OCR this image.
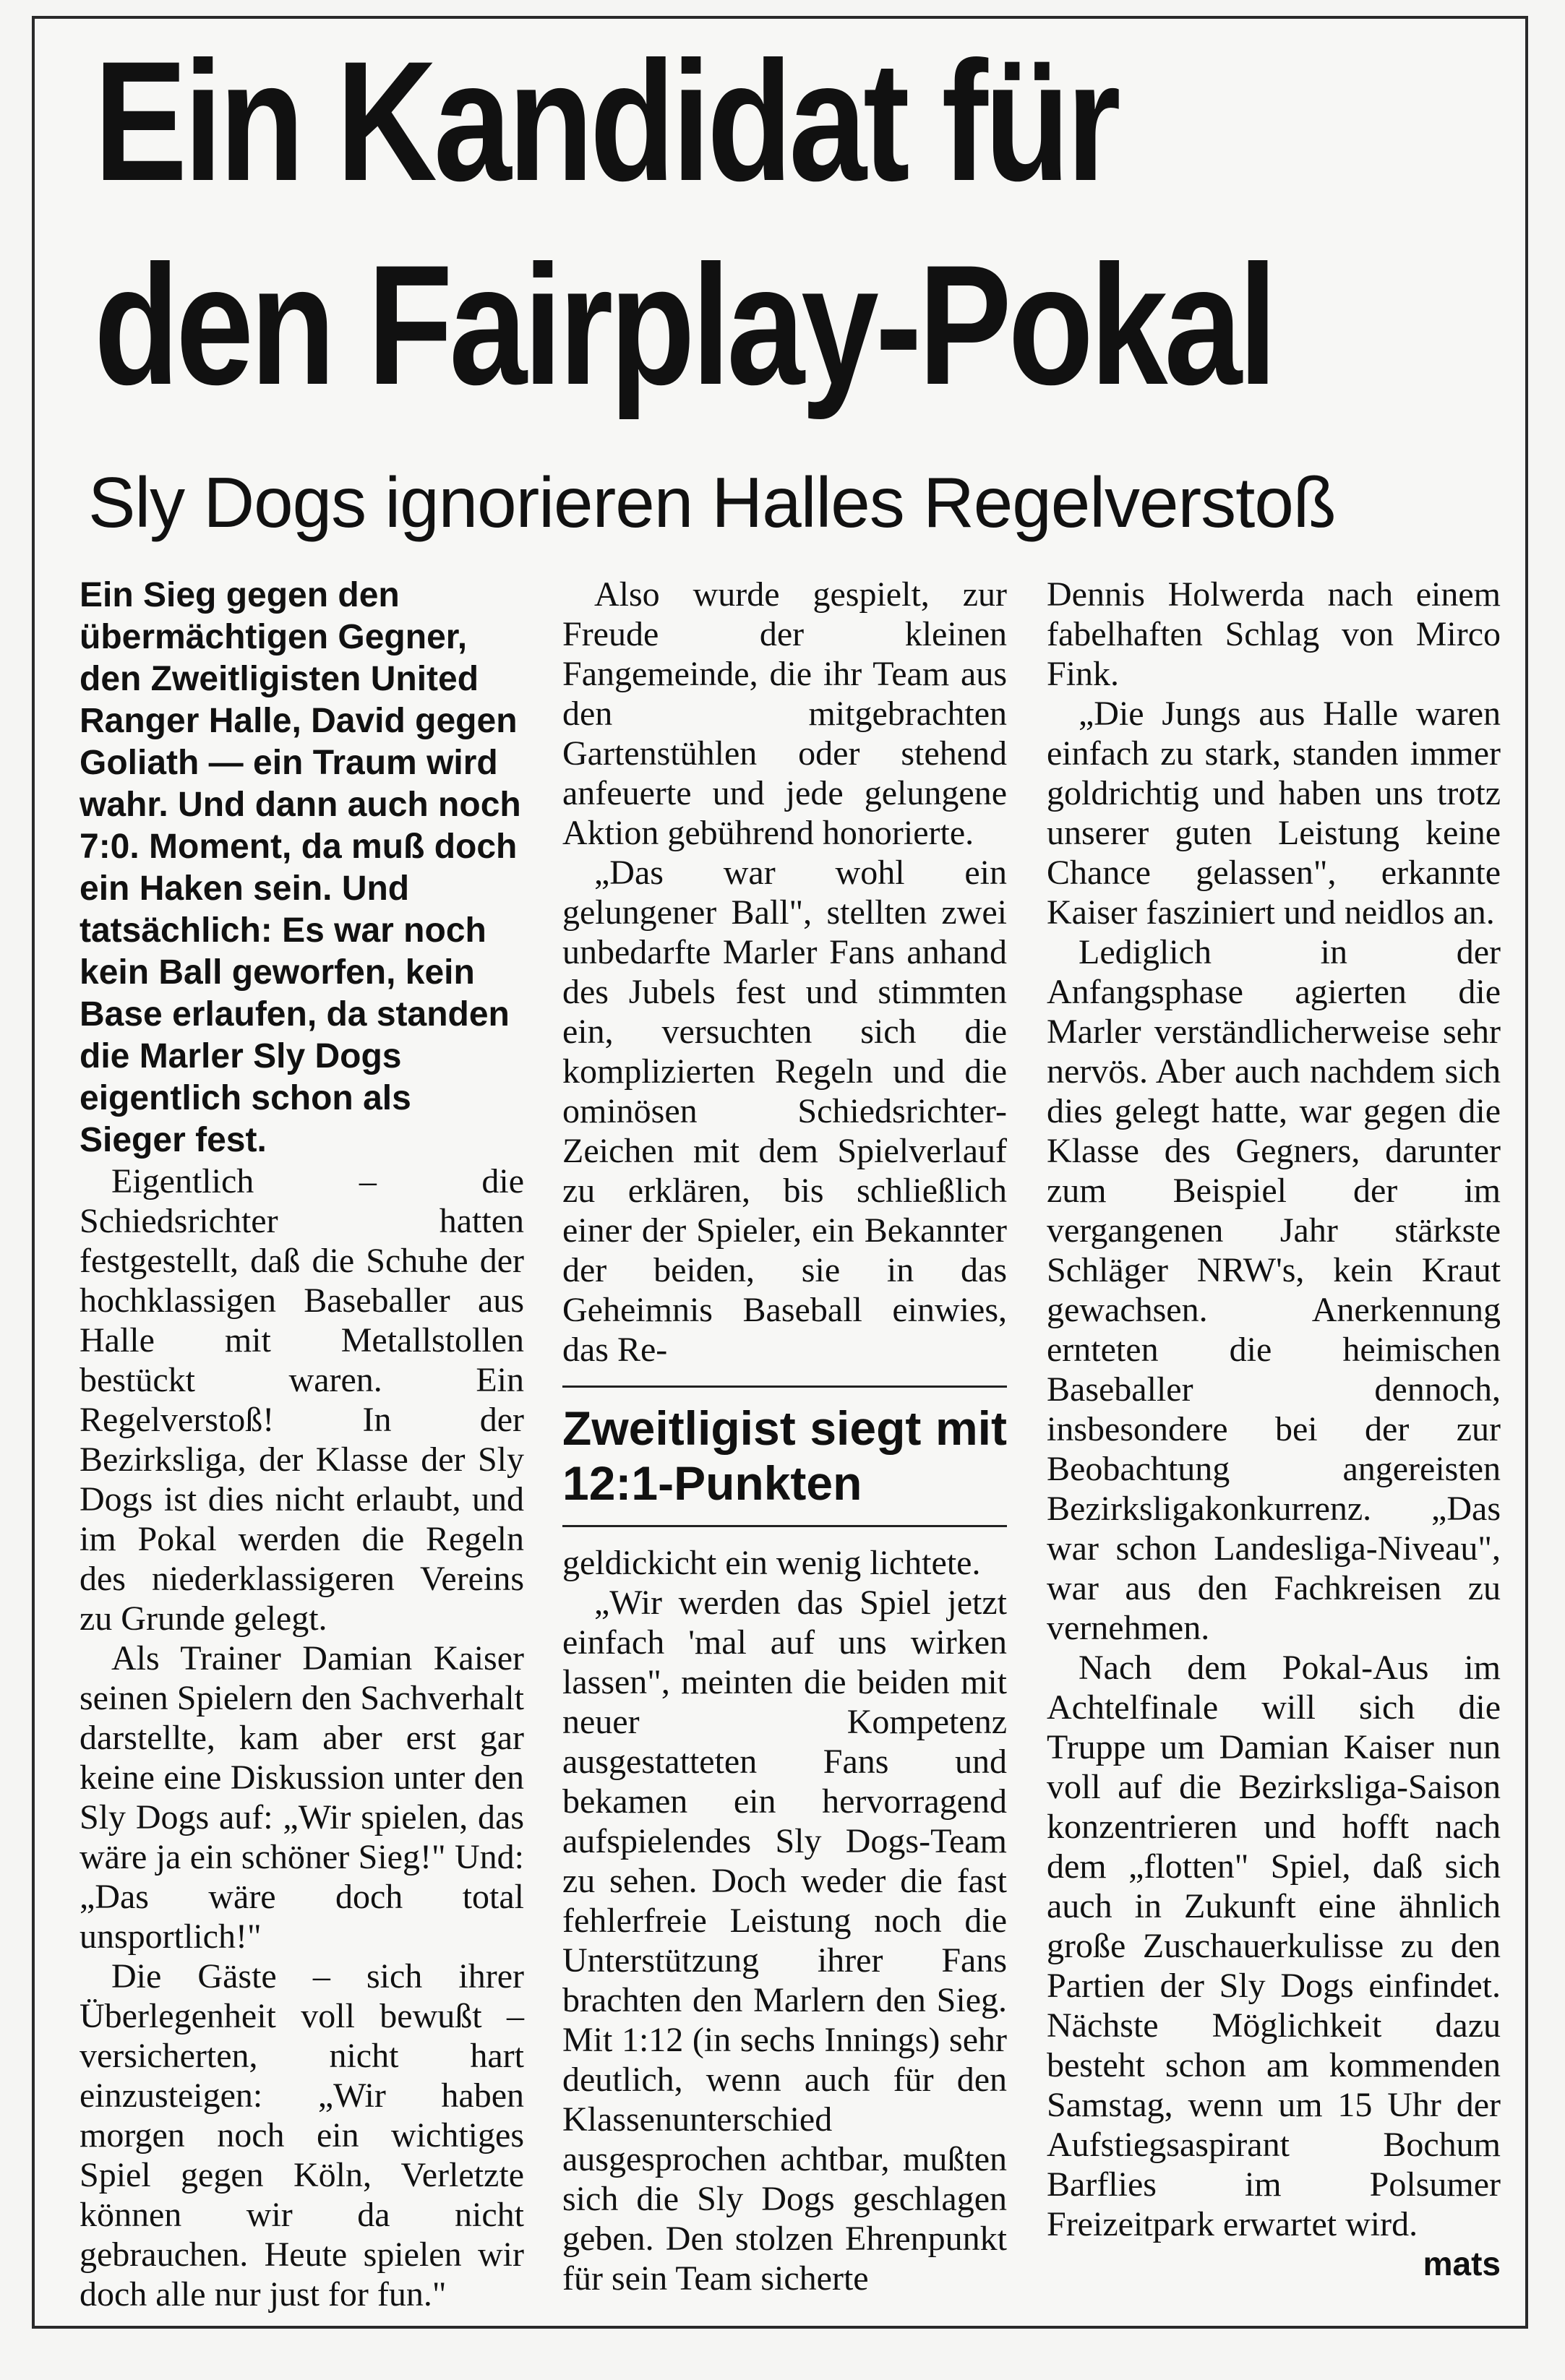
Ein Kandidat für
den Fairplay-Pokal
Sly Dogs ignorieren Halles Regelverstoß

Ein Sieg gegen den übermächtigen Gegner, den Zweitligisten United Ranger Halle, David gegen Goliath — ein Traum wird wahr. Und dann auch noch 7:0. Moment, da muß doch ein Haken sein. Und tatsächlich: Es war noch kein Ball geworfen, kein Base erlaufen, da standen die Marler Sly Dogs eigentlich schon als Sieger fest.

Eigentlich – die Schiedsrichter hatten festgestellt, daß die Schuhe der hochklassigen Baseballer aus Halle mit Metallstollen bestückt waren. Ein Regelverstoß! In der Bezirksliga, der Klasse der Sly Dogs ist dies nicht erlaubt, und im Pokal werden die Regeln des niederklassigeren Vereins zu Grunde gelegt.

Als Trainer Damian Kaiser seinen Spielern den Sachverhalt darstellte, kam aber erst gar keine eine Diskussion unter den Sly Dogs auf: „Wir spielen, das wäre ja ein schöner Sieg!" Und: „Das wäre doch total unsportlich!"

Die Gäste – sich ihrer Überlegenheit voll bewußt – versicherten, nicht hart einzusteigen: „Wir haben morgen noch ein wichtiges Spiel gegen Köln, Verletzte können wir da nicht gebrauchen. Heute spielen wir doch alle nur just for fun."

Also wurde gespielt, zur Freude der kleinen Fangemeinde, die ihr Team aus den mitgebrachten Gartenstühlen oder stehend anfeuerte und jede gelungene Aktion gebührend honorierte.

„Das war wohl ein gelungener Ball", stellten zwei unbedarfte Marler Fans anhand des Jubels fest und stimmten ein, versuchten sich die komplizierten Regeln und die ominösen Schiedsrichter-Zeichen mit dem Spielverlauf zu erklären, bis schließlich einer der Spieler, ein Bekannter der beiden, sie in das Geheimnis Baseball einwies, das Re-

Zweitligist siegt mit 12:1-Punkten

geldickicht ein wenig lichtete.

„Wir werden das Spiel jetzt einfach 'mal auf uns wirken lassen", meinten die beiden mit neuer Kompetenz ausgestatteten Fans und bekamen ein hervorragend aufspielendes Sly Dogs-Team zu sehen. Doch weder die fast fehlerfreie Leistung noch die Unterstützung ihrer Fans brachten den Marlern den Sieg. Mit 1:12 (in sechs Innings) sehr deutlich, wenn auch für den Klassenunterschied ausgesprochen achtbar, mußten sich die Sly Dogs geschlagen geben. Den stolzen Ehrenpunkt für sein Team sicherte

Dennis Holwerda nach einem fabelhaften Schlag von Mirco Fink.

„Die Jungs aus Halle waren einfach zu stark, standen immer goldrichtig und haben uns trotz unserer guten Leistung keine Chance gelassen", erkannte Kaiser fasziniert und neidlos an.

Lediglich in der Anfangsphase agierten die Marler verständlicherweise sehr nervös. Aber auch nachdem sich dies gelegt hatte, war gegen die Klasse des Gegners, darunter zum Beispiel der im vergangenen Jahr stärkste Schläger NRW's, kein Kraut gewachsen. Anerkennung ernteten die heimischen Baseballer dennoch, insbesondere bei der zur Beobachtung angereisten Bezirksligakonkurrenz. „Das war schon Landesliga-Niveau", war aus den Fachkreisen zu vernehmen.

Nach dem Pokal-Aus im Achtelfinale will sich die Truppe um Damian Kaiser nun voll auf die Bezirksliga-Saison konzentrieren und hofft nach dem „flotten" Spiel, daß sich auch in Zukunft eine ähnlich große Zuschauerkulisse zu den Partien der Sly Dogs einfindet. Nächste Möglichkeit dazu besteht schon am kommenden Samstag, wenn um 15 Uhr der Aufstiegsaspirant Bochum Barflies im Polsumer Freizeitpark erwartet wird.
mats
